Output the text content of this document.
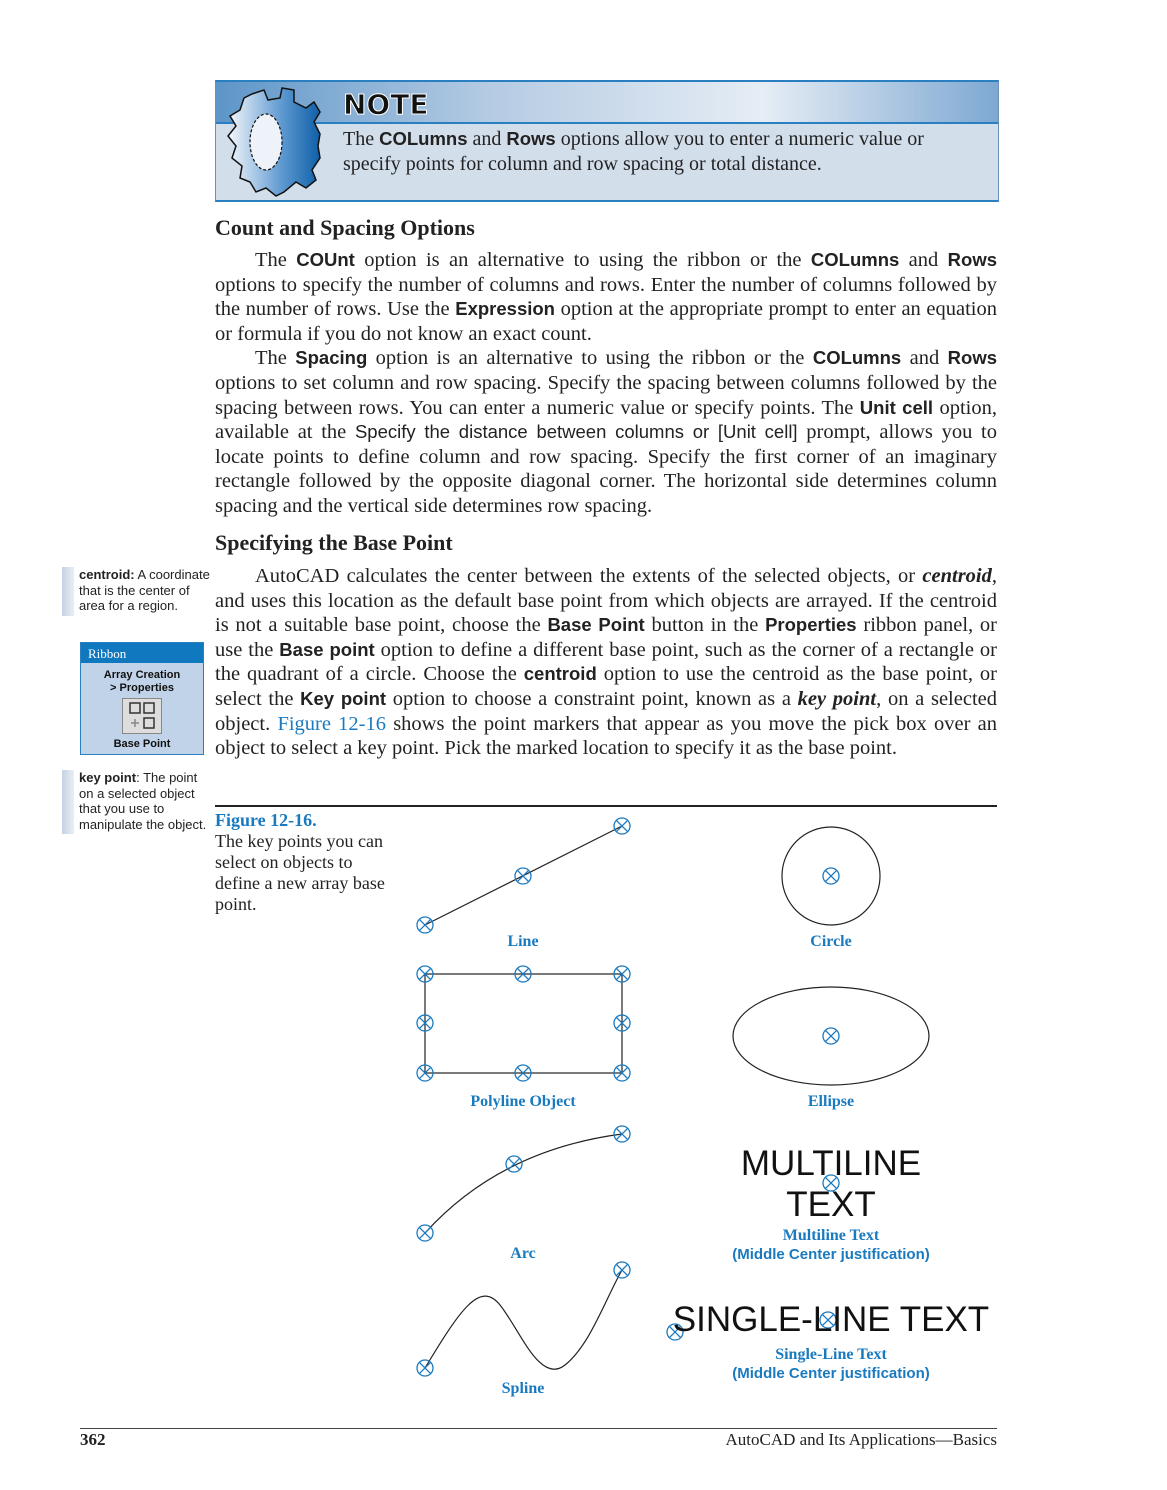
NOTE
The COLumns and Rows options allow you to enter a numeric value or specify points for column and row spacing or total distance.
Count and Spacing Options

The COUnt option is an alternative to using the ribbon or the COLumns and Rows options to specify the number of columns and rows. Enter the number of columns followed by the number of rows. Use the Expression option at the appropriate prompt to enter an equation or formula if you do not know an exact count.

The Spacing option is an alternative to using the ribbon or the COLumns and Rows options to set column and row spacing. Specify the spacing between columns followed by the spacing between rows. You can enter a numeric value or specify points. The Unit cell option, available at the Specify the distance between columns or [Unit cell] prompt, allows you to locate points to define column and row spacing. Specify the first corner of an imaginary rectangle followed by the opposite diagonal corner. The horizontal side determines column spacing and the vertical side determines row spacing.

Specifying the Base Point

AutoCAD calculates the center between the extents of the selected objects, or centroid, and uses this location as the default base point from which objects are arrayed. If the centroid is not a suitable base point, choose the Base Point button in the Properties ribbon panel, or use the Base point option to define a different base point, such as the corner of a rectangle or the quadrant of a circle. Choose the centroid option to use the centroid as the base point, or select the Key point option to choose a constraint point, known as a key point, on a selected object. Figure 12-16 shows the point markers that appear as you move the pick box over an object to select a key point. Pick the marked location to specify it as the base point.

centroid: A coordinate that is the center of area for a region.
Ribbon
Array Creation
> Properties
Base Point
key point: The point on a selected object that you use to manipulate the object. Figure 12-16.
The key points you can select on objects to define a new array base point.
Line	Circle
Polyline Object	Ellipse
Arc
Spline
MULTILINE
TEXT
Multiline Text
(Middle Center justification)
SINGLE-LINE TEXT
Single-Line Text
(Middle Center justification)
362	AutoCAD and Its Applications—Basics
